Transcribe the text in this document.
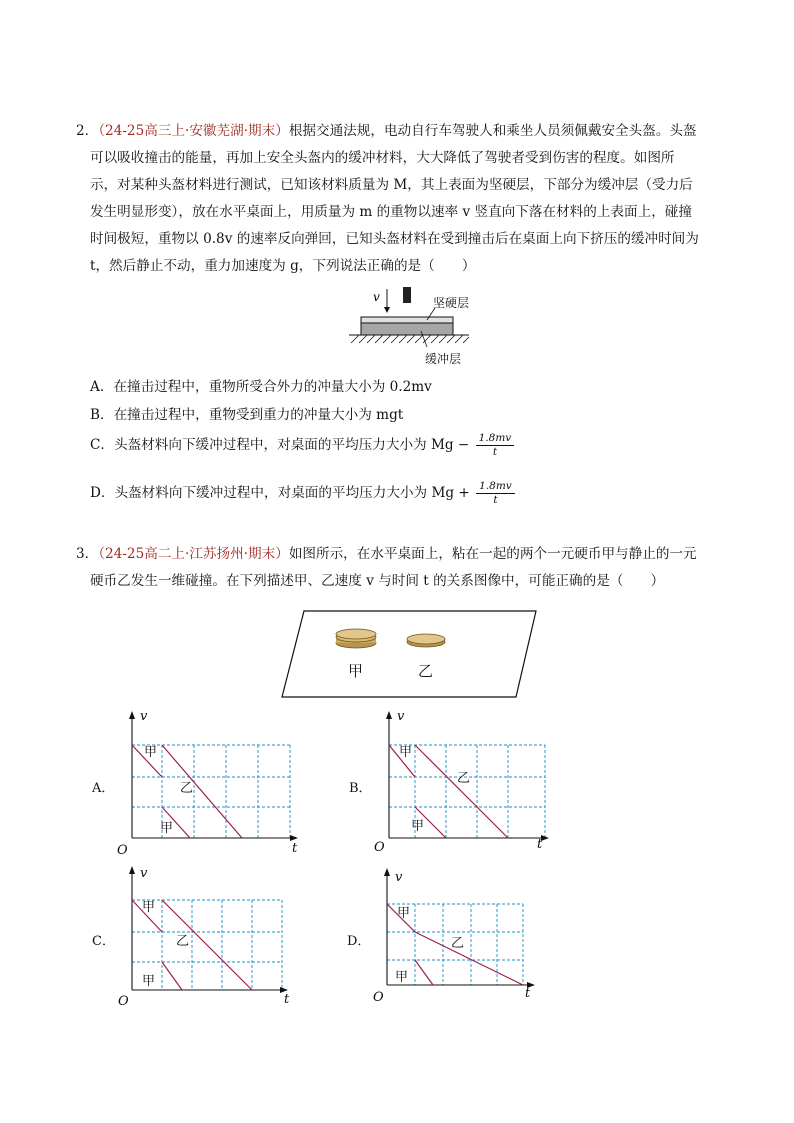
2．（24-25高三上·安徽芜湖·期末）根据交通法规，电动自行车驾驶人和乘坐人员须佩戴安全头盔。头盔

可以吸收撞击的能量，再加上安全头盔内的缓冲材料，大大降低了驾驶者受到伤害的程度。如图所

示，对某种头盔材料进行测试，已知该材料质量为 M，其上表面为坚硬层，下部分为缓冲层（受力后

发生明显形变），放在水平桌面上，用质量为 m 的重物以速率 v 竖直向下落在材料的上表面上，碰撞

时间极短，重物以 0.8v 的速率反向弹回，已知头盔材料在受到撞击后在桌面上向下挤压的缓冲时间为

t，然后静止不动，重力加速度为 g，下列说法正确的是（　　）

v	坚硬层
缓冲层
A．在撞击过程中，重物所受合外力的冲量大小为 0.2mv
B．在撞击过程中，重物受到重力的冲量大小为 mgt
C．头盔材料向下缓冲过程中，对桌面的平均压力大小为 $Mg - \frac{1.8mv}{t}$
D．头盔材料向下缓冲过程中，对桌面的平均压力大小为 $Mg + \frac{1.8mv}{t}$

3．（24-25高二上·江苏扬州·期末）如图所示，在水平桌面上，粘在一起的两个一元硬币甲与静止的一元

硬币乙发生一维碰撞。在下列描述甲、乙速度 v 与时间 t 的关系图像中，可能正确的是（　　）

甲	乙
A．
v
t
O
甲
乙
甲
B．
v
t
O
甲
乙
甲
C．
v
t
O
甲
乙
甲
D．
v
t
O
甲
乙
甲
